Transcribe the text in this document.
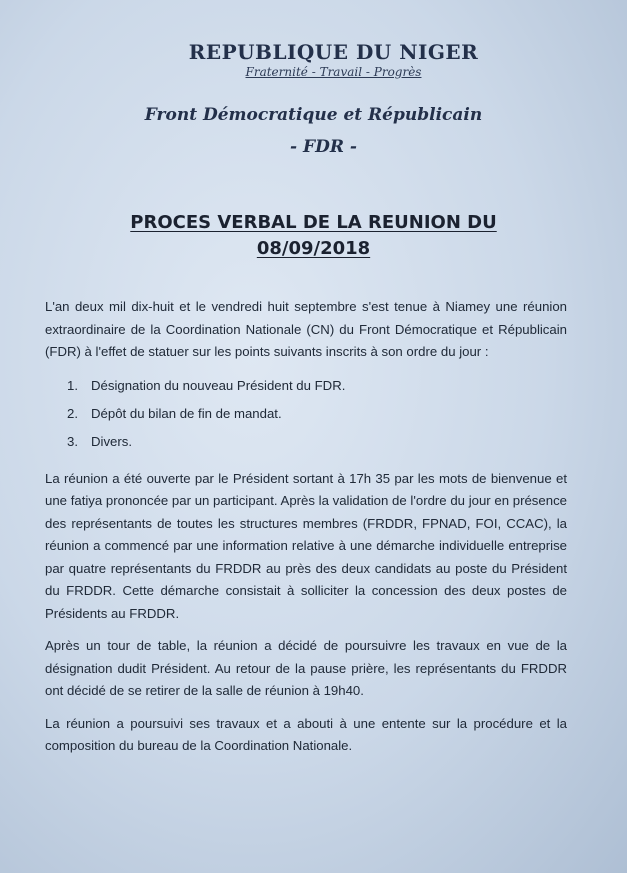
REPUBLIQUE DU NIGER
Fraternité - Travail - Progrès
Front Démocratique et Républicain
- FDR -
PROCES VERBAL DE LA REUNION DU
08/09/2018

L'an deux mil dix-huit et le vendredi huit septembre s'est tenue à Niamey une réunion extraordinaire de la Coordination Nationale (CN) du Front Démocratique et Républicain (FDR) à l'effet de statuer sur les points suivants inscrits à son ordre du jour :

1. Désignation du nouveau Président du FDR.
2. Dépôt du bilan de fin de mandat.
3. Divers.

La réunion a été ouverte par le Président sortant à 17h 35 par les mots de bienvenue et une fatiya prononcée par un participant. Après la validation de l'ordre du jour en présence des représentants de toutes les structures membres (FRDDR, FPNAD, FOI, CCAC), la réunion a commencé par une information relative à une démarche individuelle entreprise par quatre représentants du FRDDR au près des deux candidats au poste du Président du FRDDR. Cette démarche consistait à solliciter la concession des deux postes de Présidents au FRDDR.

Après un tour de table, la réunion a décidé de poursuivre les travaux en vue de la désignation dudit Président. Au retour de la pause prière, les représentants du FRDDR ont décidé de se retirer de la salle de réunion à 19h40.

La réunion a poursuivi ses travaux et a abouti à une entente sur la procédure et la composition du bureau de la Coordination Nationale.
